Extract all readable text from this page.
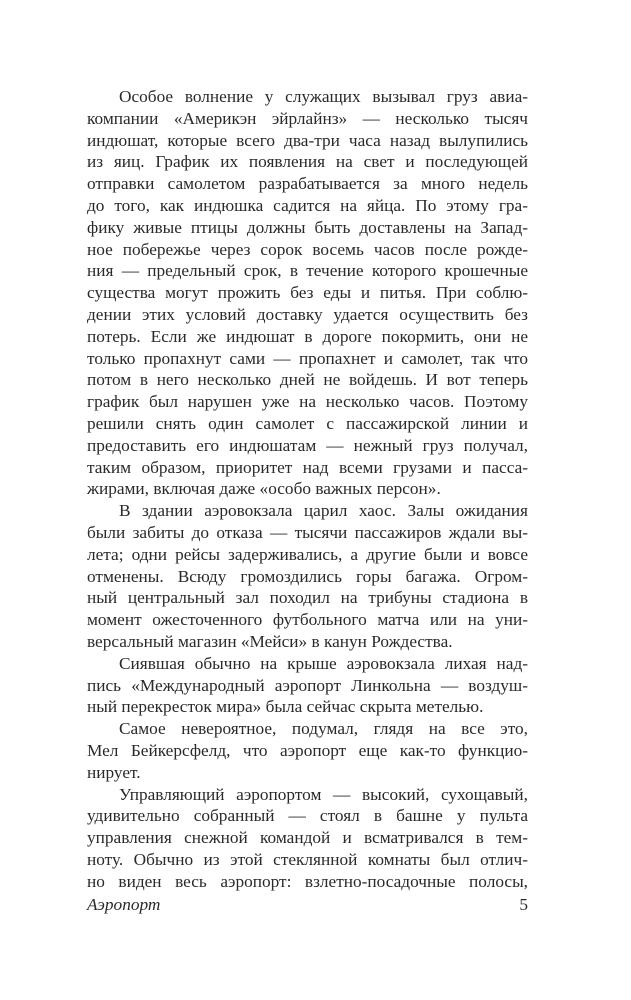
Особое волнение у служащих вызывал груз авиа-
компании «Америкэн эйрлайнз» — несколько тысяч
индюшат, которые всего два-три часа назад вылупились
из яиц. График их появления на свет и последующей
отправки самолетом разрабатывается за много недель
до того, как индюшка садится на яйца. По этому гра-
фику живые птицы должны быть доставлены на Запад-
ное побережье через сорок восемь часов после рожде-
ния — предельный срок, в течение которого крошечные
существа могут прожить без еды и питья. При соблю-
дении этих условий доставку удается осуществить без
потерь. Если же индюшат в дороге покормить, они не
только пропахнут сами — пропахнет и самолет, так что
потом в него несколько дней не войдешь. И вот теперь
график был нарушен уже на несколько часов. Поэтому
решили снять один самолет с пассажирской линии и
предоставить его индюшатам — нежный груз получал,
таким образом, приоритет над всеми грузами и пасса-
жирами, включая даже «особо важных персон».
В здании аэровокзала царил хаос. Залы ожидания
были забиты до отказа — тысячи пассажиров ждали вы-
лета; одни рейсы задерживались, а другие были и вовсе
отменены. Всюду громоздились горы багажа. Огром-
ный центральный зал походил на трибуны стадиона в
момент ожесточенного футбольного матча или на уни-
версальный магазин «Мейси» в канун Рождества.
Сиявшая обычно на крыше аэровокзала лихая над-
пись «Международный аэропорт Линкольна — воздуш-
ный перекресток мира» была сейчас скрыта метелью.
Самое невероятное, подумал, глядя на все это,
Мел Бейкерсфелд, что аэропорт еще как-то функцио-
нирует.
Управляющий аэропортом — высокий, сухощавый,
удивительно собранный — стоял в башне у пульта
управления снежной командой и всматривался в тем-
ноту. Обычно из этой стеклянной комнаты был отлич-
но виден весь аэропорт: взлетно-посадочные полосы,
Аэропорт	5
